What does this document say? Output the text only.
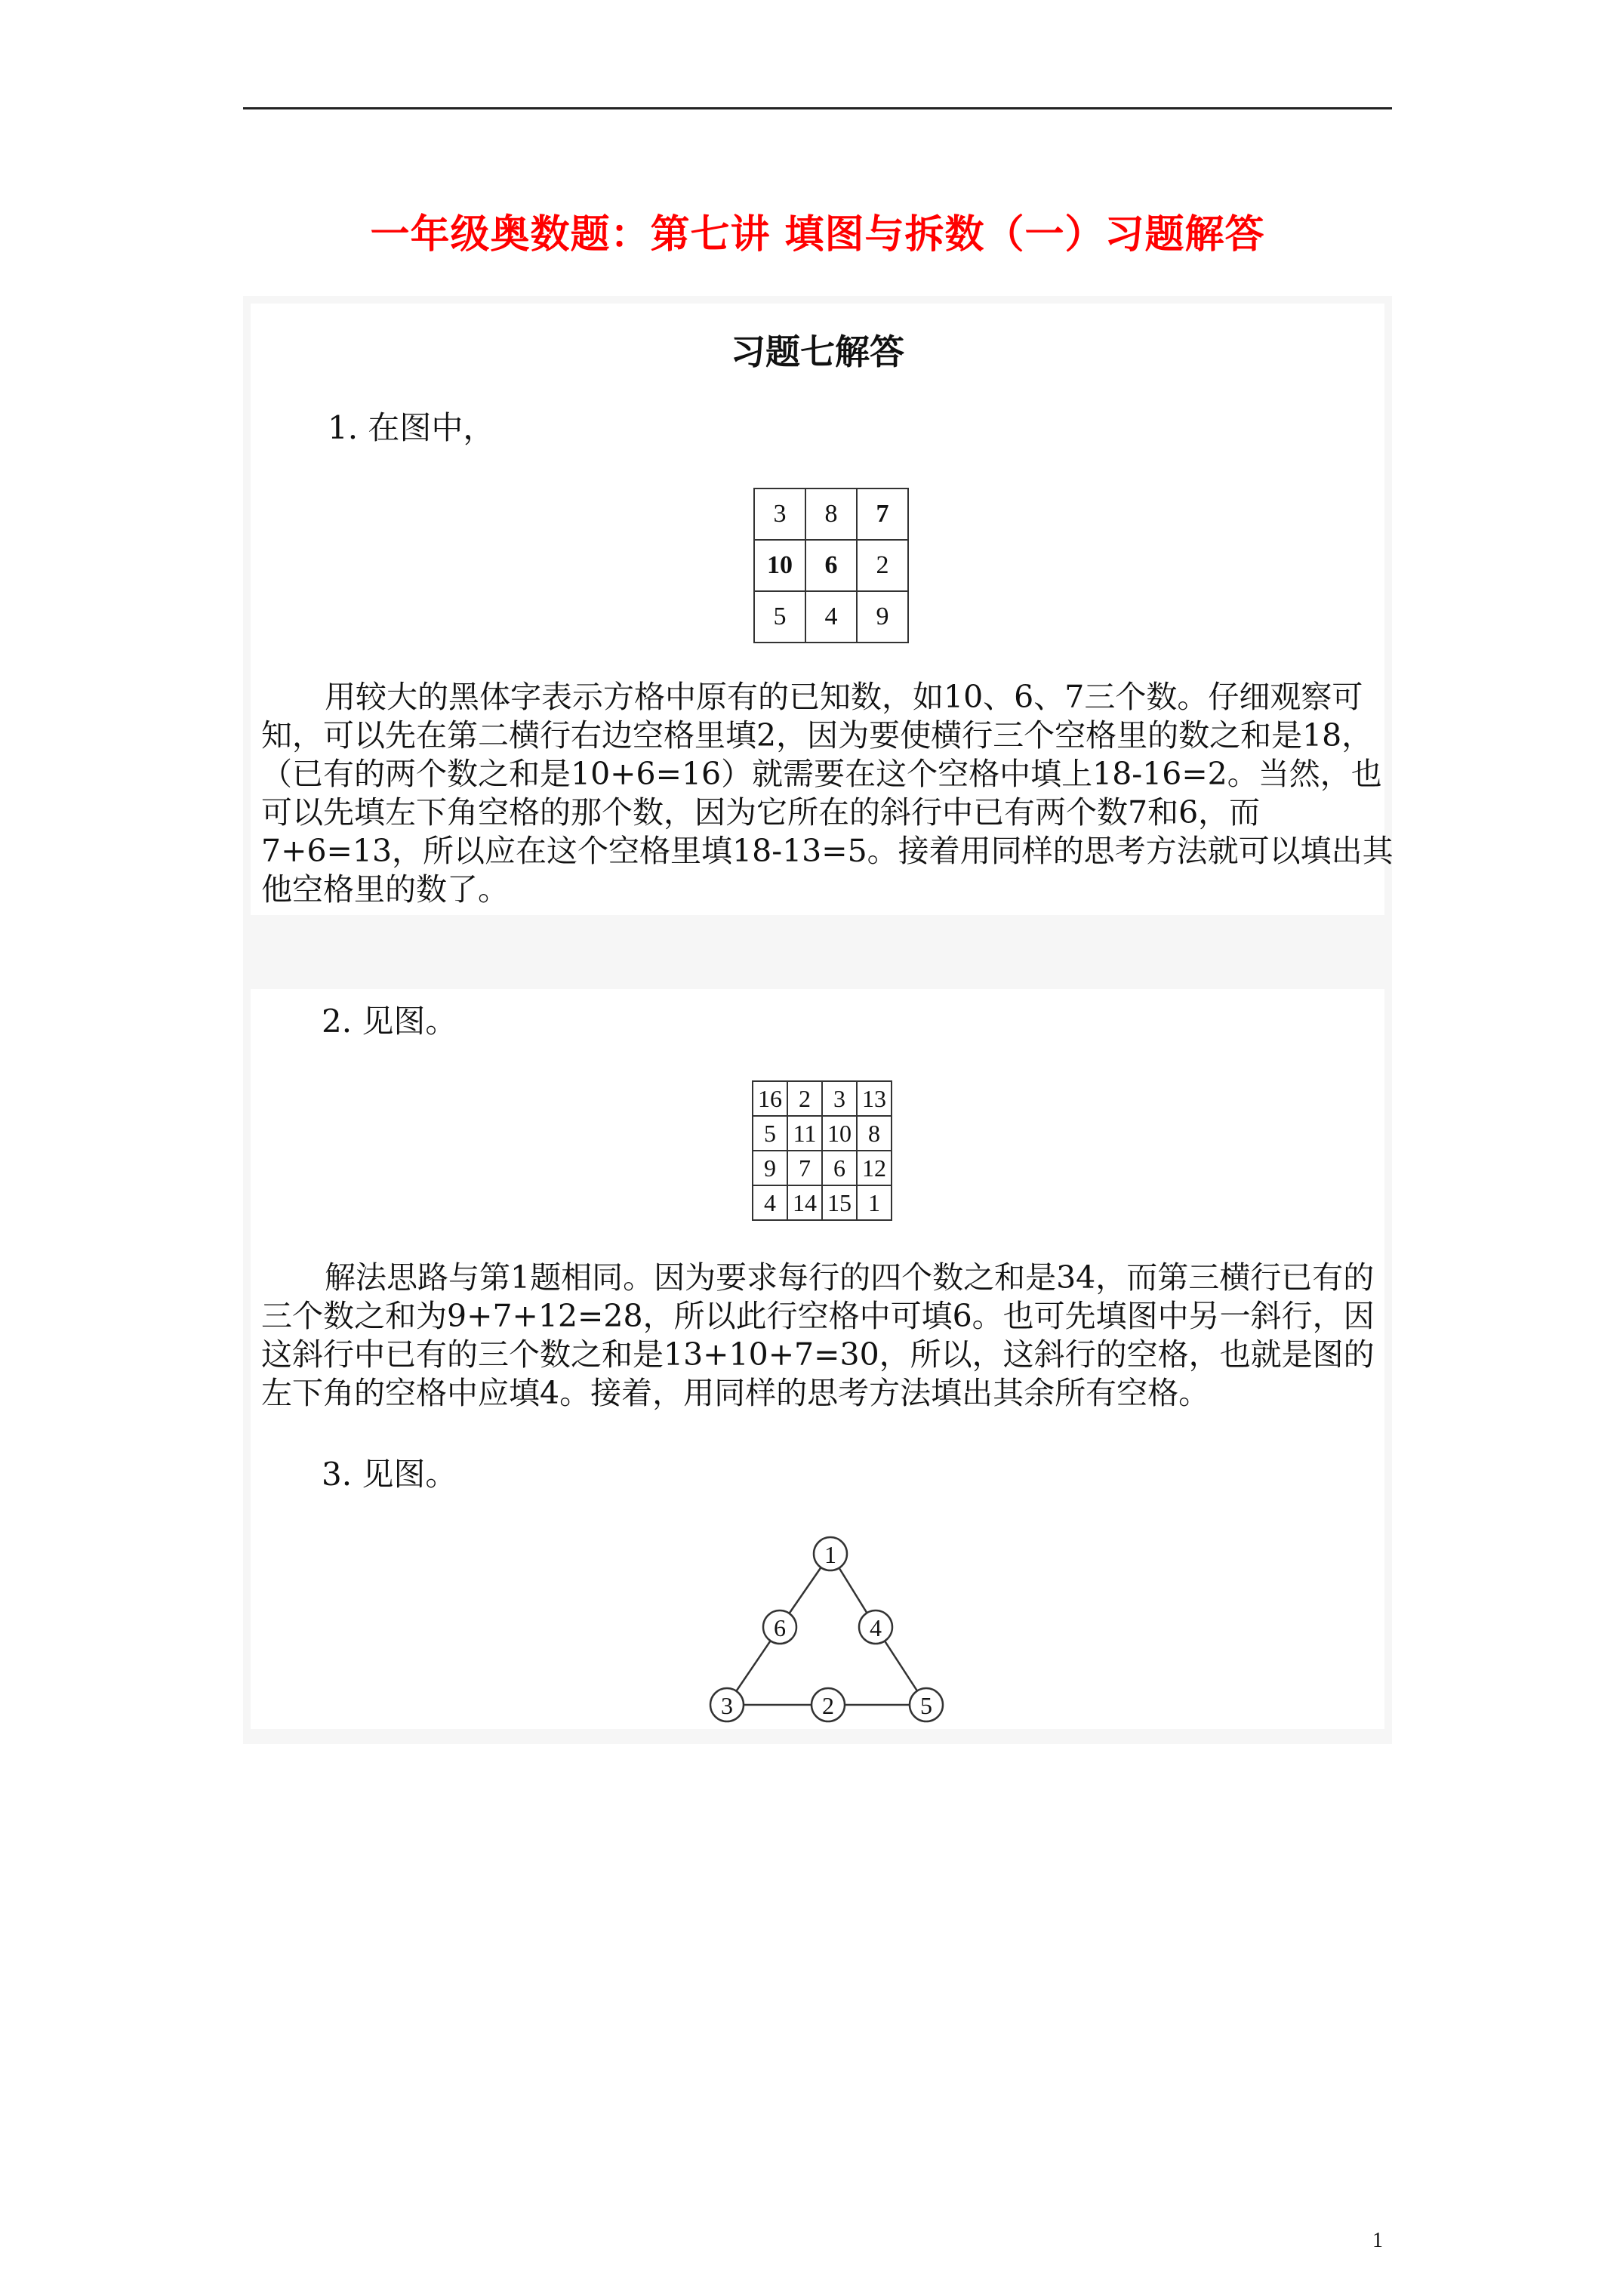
一年级奥数题：第七讲 填图与拆数（一）习题解答
习题七解答
1. 在图中，
3	8	7
10	6	2
5	4	9
用较大的黑体字表示方格中原有的已知数，如10、6、7三个数。仔细观察可知，可以先在第二横行右边空格里填2，因为要使横行三个空格里的数之和是18，（已有的两个数之和是10+6=16）就需要在这个空格中填上18-16=2。当然，也可以先填左下角空格的那个数，因为它所在的斜行中已有两个数7和6，而7+6=13，所以应在这个空格里填18-13=5。接着用同样的思考方法就可以填出其他空格里的数了。
2. 见图。
16	2	3	13
5	11	10	8
9	7	6	12
4	14	15	1
解法思路与第1题相同。因为要求每行的四个数之和是34，而第三横行已有的三个数之和为9+7+12=28，所以此行空格中可填6。也可先填图中另一斜行，因这斜行中已有的三个数之和是13+10+7=30，所以，这斜行的空格，也就是图的左下角的空格中应填4。接着，用同样的思考方法填出其余所有空格。
3. 见图。
1
6	4
3	2	5
1
